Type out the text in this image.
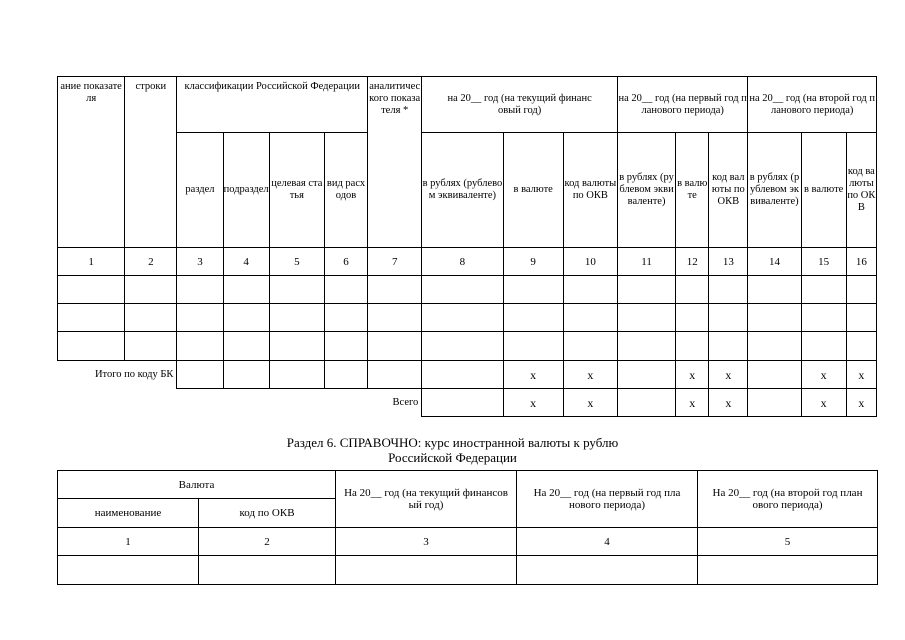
ание показателя	строки	классификации Российской Федерации				аналитического показателя *	на 20__ год (на текущий финансовый год)			на 20__ год (на первый год планового периода)			на 20__ год (на второй год планового периода)		
		раздел	подраздел	целевая статья	вид расходов		в рублях (рублевом эквиваленте)	в валюте	код валюты по ОКВ	в рублях (рублевом эквиваленте)	в валюте	код валюты по ОКВ	в рублях (рублевом эквиваленте)	в валюте	код валюты по ОКВ
1	2	3	4	5	6	7	8	9	10	11	12	13	14	15	16

Итого по коду БК								x	x		x	x		x	x
Всего								x	x		x	x		x	x
Раздел 6. СПРАВОЧНО: курс иностранной валюты к рублю
Российской Федерации
Валюта		На 20__ год (на текущий финансовый год)	На 20__ год (на первый год планового периода)	На 20__ год (на второй год планового периода)
наименование	код по ОКВ			
1	2	3	4	5
